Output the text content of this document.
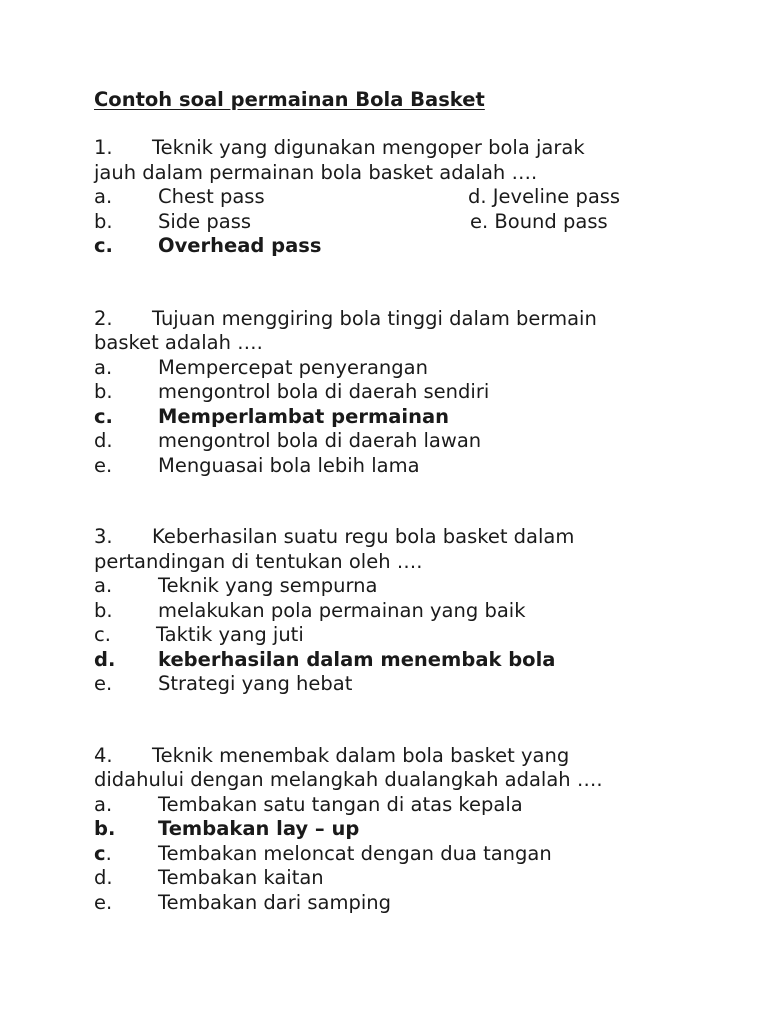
Contoh soal permainan Bola Basket
1. Teknik yang digunakan mengoper bola jarak
jauh dalam permainan bola basket adalah ….
a. Chest pass	d. Jeveline pass
b. Side pass	e. Bound pass
c. Overhead pass
2. Tujuan menggiring bola tinggi dalam bermain
basket adalah ….
a. Mempercepat penyerangan
b. mengontrol bola di daerah sendiri
c. Memperlambat permainan
d. mengontrol bola di daerah lawan
e. Menguasai bola lebih lama
3. Keberhasilan suatu regu bola basket dalam
pertandingan di tentukan oleh ….
a. Teknik yang sempurna
b. melakukan pola permainan yang baik
c. Taktik yang juti
d. keberhasilan dalam menembak bola
e. Strategi yang hebat
4. Teknik menembak dalam bola basket yang
didahului dengan melangkah dualangkah adalah ….
a. Tembakan satu tangan di atas kepala
b. Tembakan lay – up
c. Tembakan meloncat dengan dua tangan
d. Tembakan kaitan
e. Tembakan dari samping
